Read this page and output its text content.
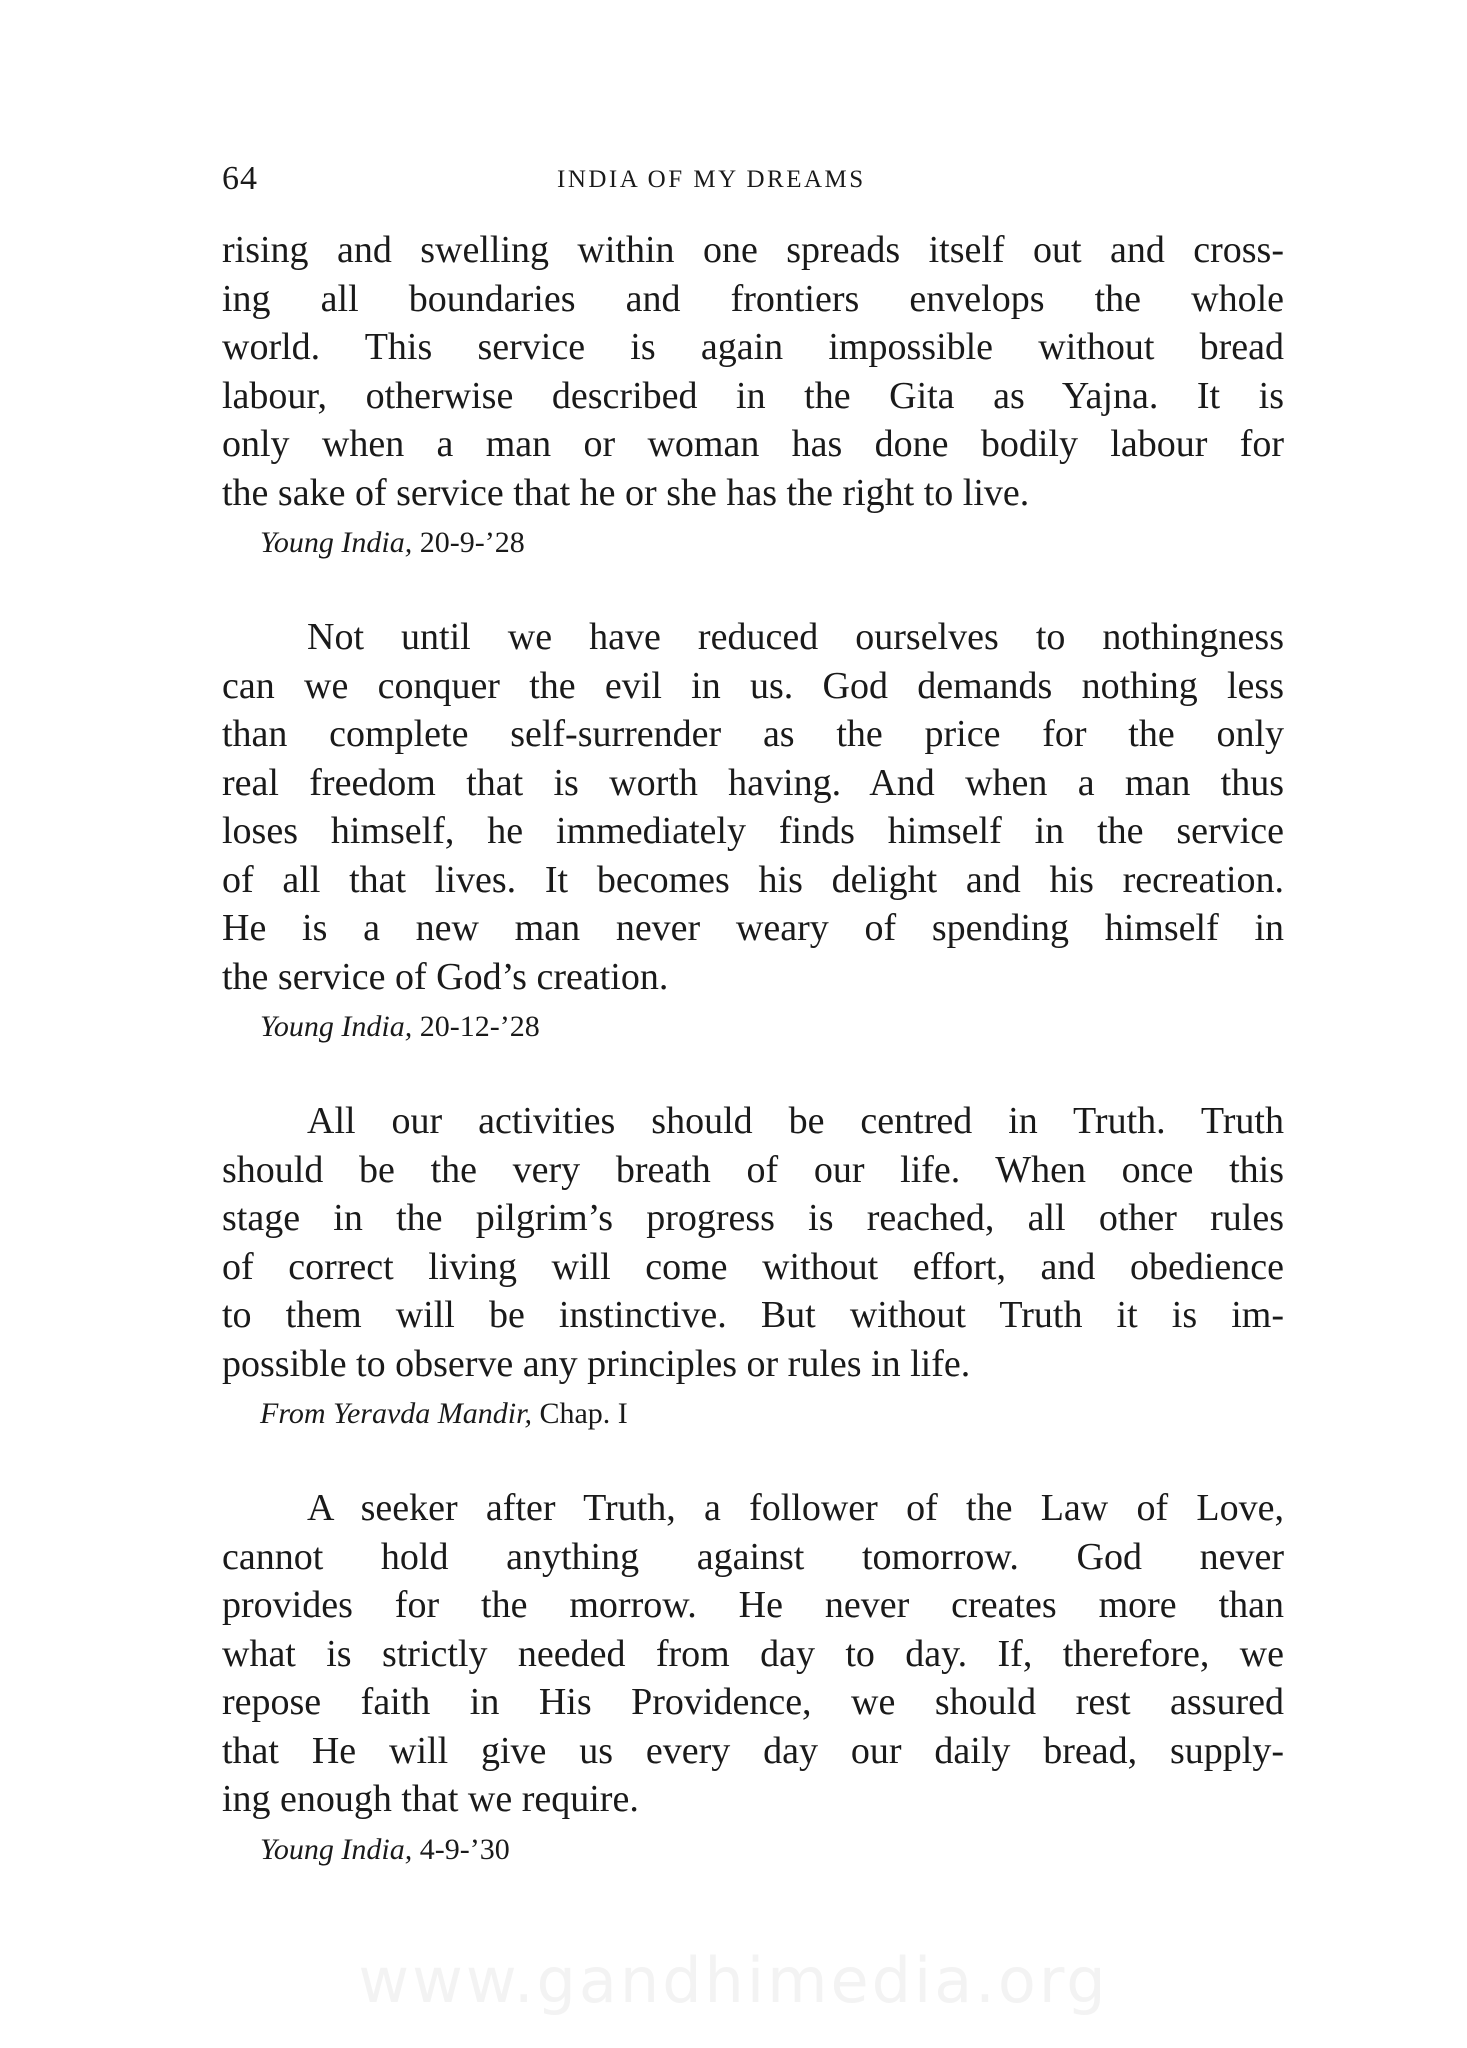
64	INDIA OF MY DREAMS
rising and swelling within one spreads itself out and cross-
ing all boundaries and frontiers envelops the whole
world. This service is again impossible without bread
labour, otherwise described in the Gita as Yajna. It is
only when a man or woman has done bodily labour for
the sake of service that he or she has the right to live.
Young India, 20-9-’28
Not until we have reduced ourselves to nothingness
can we conquer the evil in us. God demands nothing less
than complete self-surrender as the price for the only
real freedom that is worth having. And when a man thus
loses himself, he immediately finds himself in the service
of all that lives. It becomes his delight and his recreation.
He is a new man never weary of spending himself in
the service of God’s creation.
Young India, 20-12-’28
All our activities should be centred in Truth. Truth
should be the very breath of our life. When once this
stage in the pilgrim’s progress is reached, all other rules
of correct living will come without effort, and obedience
to them will be instinctive. But without Truth it is im-
possible to observe any principles or rules in life.
From Yeravda Mandir, Chap. I
A seeker after Truth, a follower of the Law of Love,
cannot hold anything against tomorrow. God never
provides for the morrow. He never creates more than
what is strictly needed from day to day. If, therefore, we
repose faith in His Providence, we should rest assured
that He will give us every day our daily bread, supply-
ing enough that we require.
Young India, 4-9-’30
www.gandhimedia.org
